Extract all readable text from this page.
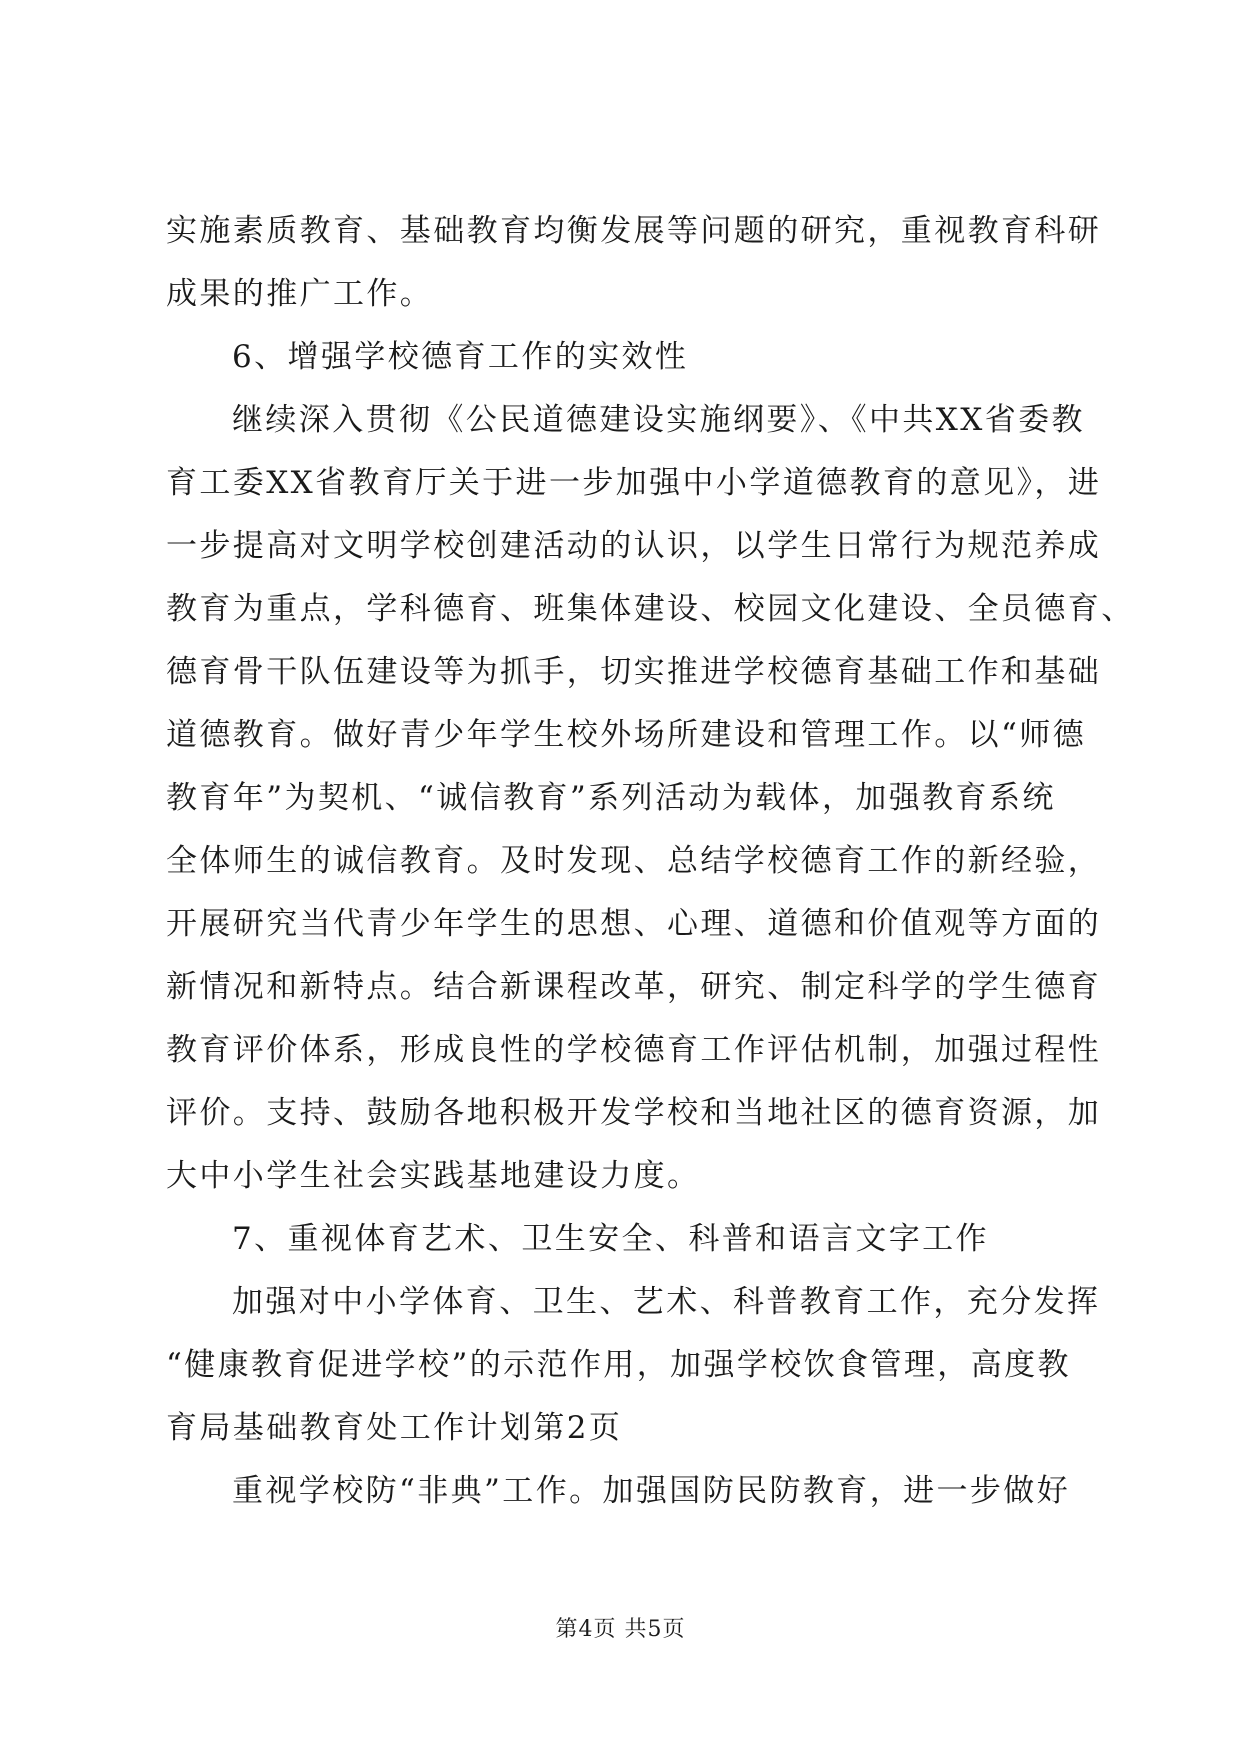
实施素质教育、基础教育均衡发展等问题的研究，重视教育科研
成果的推广工作。
6、增强学校德育工作的实效性
继续深入贯彻《公民道德建设实施纲要》、《中共XX省委教
育工委XX省教育厅关于进一步加强中小学道德教育的意见》，进
一步提高对文明学校创建活动的认识，以学生日常行为规范养成
教育为重点，学科德育、班集体建设、校园文化建设、全员德育、
德育骨干队伍建设等为抓手，切实推进学校德育基础工作和基础
道德教育。做好青少年学生校外场所建设和管理工作。以“师德
教育年”为契机、“诚信教育”系列活动为载体，加强教育系统
全体师生的诚信教育。及时发现、总结学校德育工作的新经验，
开展研究当代青少年学生的思想、心理、道德和价值观等方面的
新情况和新特点。结合新课程改革，研究、制定科学的学生德育
教育评价体系，形成良性的学校德育工作评估机制，加强过程性
评价。支持、鼓励各地积极开发学校和当地社区的德育资源，加
大中小学生社会实践基地建设力度。
7、重视体育艺术、卫生安全、科普和语言文字工作
加强对中小学体育、卫生、艺术、科普教育工作，充分发挥
“健康教育促进学校”的示范作用，加强学校饮食管理，高度教
育局基础教育处工作计划第2页
重视学校防“非典”工作。加强国防民防教育，进一步做好
第4页 共5页
